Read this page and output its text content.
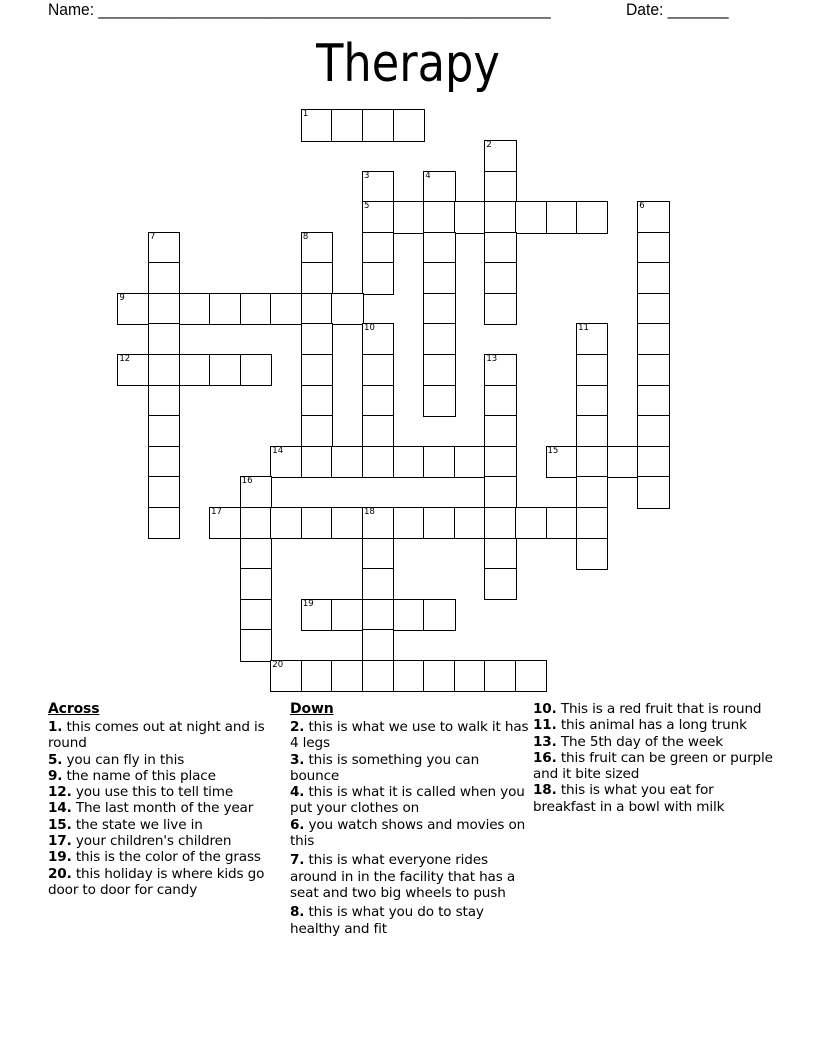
Name: ____________________________________________________	Date: _______
Therapy
1
2
3	4
5	6
7	8
9
10	11
12	13
14	15
16
17	18
19
20
Across

1. this comes out at night and is round

5. you can fly in this

9. the name of this place

12. you use this to tell time

14. The last month of the year

15. the state we live in

17. your children's children

19. this is the color of the grass

20. this holiday is where kids go door to door for candy

Down

2. this is what we use to walk it has 4 legs

3. this is something you can bounce

4. this is what it is called when you put your clothes on

6. you watch shows and movies on this

7. this is what everyone rides around in in the facility that has a seat and two big wheels to push

8. this is what you do to stay healthy and fit

10. This is a red fruit that is round

11. this animal has a long trunk

13. The 5th day of the week

16. this fruit can be green or purple and it bite sized

18. this is what you eat for breakfast in a bowl with milk
